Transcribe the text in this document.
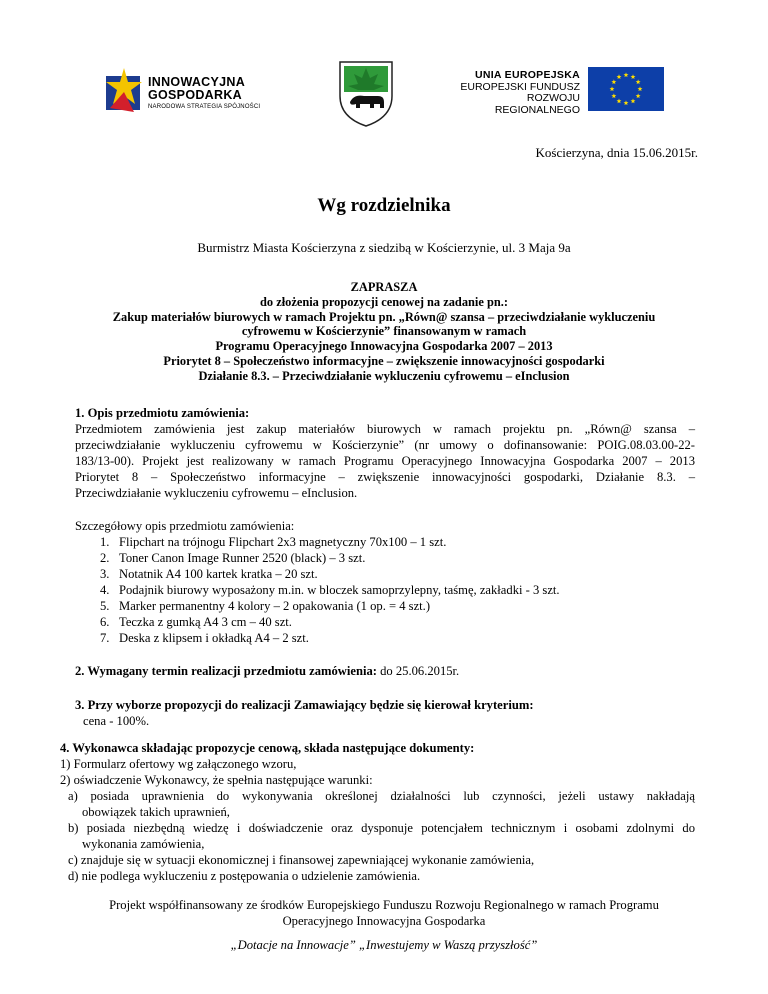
INNOWACYJNA
GOSPODARKA
NARODOWA STRATEGIA SPÓJNOŚCI
UNIA EUROPEJSKA
EUROPEJSKI FUNDUSZ
ROZWOJU REGIONALNEGO
Kościerzyna, dnia 15.06.2015r.
Wg rozdzielnika
Burmistrz Miasta Kościerzyna z siedzibą w Kościerzynie, ul. 3 Maja 9a
ZAPRASZA
do złożenia propozycji cenowej na zadanie pn.:
Zakup materiałów biurowych w ramach Projektu pn. „Równ@ szansa – przeciwdziałanie wykluczeniu
cyfrowemu w Kościerzynie” finansowanym w ramach
Programu Operacyjnego Innowacyjna Gospodarka 2007 – 2013
Priorytet 8 – Społeczeństwo informacyjne – zwiększenie innowacyjności gospodarki
Działanie 8.3. – Przeciwdziałanie wykluczeniu cyfrowemu – eInclusion
1. Opis przedmiotu zamówienia:
Przedmiotem zamówienia jest zakup materiałów biurowych w ramach projektu pn. „Równ@ szansa –
przeciwdziałanie wykluczeniu cyfrowemu w Kościerzynie” (nr umowy o dofinansowanie: POIG.08.03.00-22-
183/13-00). Projekt jest realizowany w ramach Programu Operacyjnego Innowacyjna Gospodarka 2007 – 2013
Priorytet 8 – Społeczeństwo informacyjne – zwiększenie innowacyjności gospodarki, Działanie 8.3. –
Przeciwdziałanie wykluczeniu cyfrowemu – eInclusion.
Szczegółowy opis przedmiotu zamówienia:
1. Flipchart na trójnogu Flipchart 2x3 magnetyczny 70x100 – 1 szt.
2. Toner Canon Image Runner 2520 (black) – 3 szt.
3. Notatnik A4 100 kartek kratka – 20 szt.
4. Podajnik biurowy wyposażony m.in. w bloczek samoprzylepny, taśmę, zakładki - 3 szt.
5. Marker permanentny 4 kolory – 2 opakowania (1 op. = 4 szt.)
6. Teczka z gumką A4 3 cm – 40 szt.
7. Deska z klipsem i okładką A4 – 2 szt.
2. Wymagany termin realizacji przedmiotu zamówienia: do 25.06.2015r.
3. Przy wyborze propozycji do realizacji Zamawiający będzie się kierował kryterium:
cena - 100%.
4. Wykonawca składając propozycje cenową, składa następujące dokumenty:
1) Formularz ofertowy wg załączonego wzoru,
2) oświadczenie Wykonawcy, że spełnia następujące warunki:
a) posiada uprawnienia do wykonywania określonej działalności lub czynności, jeżeli ustawy nakładają
obowiązek takich uprawnień,
b) posiada niezbędną wiedzę i doświadczenie oraz dysponuje potencjałem technicznym i osobami zdolnymi do
wykonania zamówienia,
c) znajduje się w sytuacji ekonomicznej i finansowej zapewniającej wykonanie zamówienia,
d) nie podlega wykluczeniu z postępowania o udzielenie zamówienia.
Projekt współfinansowany ze środków Europejskiego Funduszu Rozwoju Regionalnego w ramach Programu
Operacyjnego Innowacyjna Gospodarka
„Dotacje na Innowacje” „Inwestujemy w Waszą przyszłość”
